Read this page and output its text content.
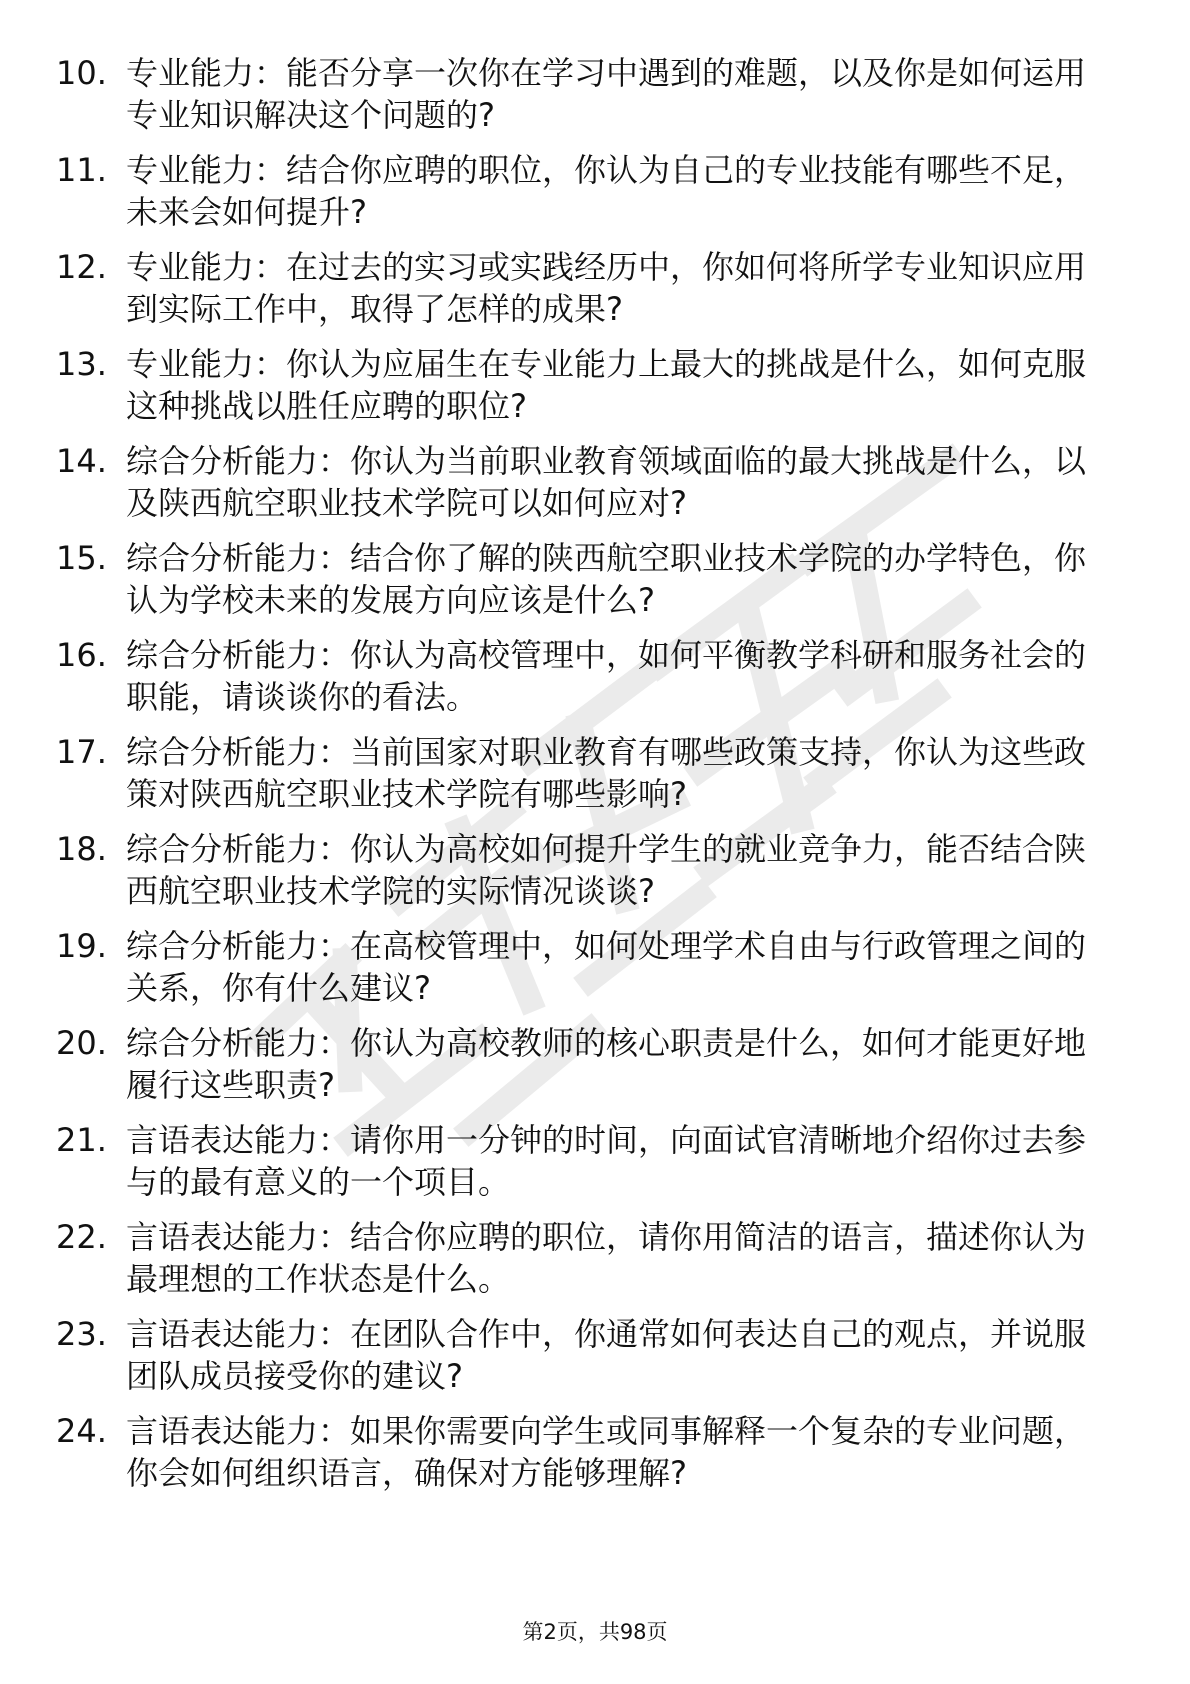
10. 专业能力：能否分享一次你在学习中遇到的难题，以及你是如何运用专业知识解决这个问题的?
11. 专业能力：结合你应聘的职位，你认为自己的专业技能有哪些不足，未来会如何提升?
12. 专业能力：在过去的实习或实践经历中，你如何将所学专业知识应用到实际工作中，取得了怎样的成果?
13. 专业能力：你认为应届生在专业能力上最大的挑战是什么，如何克服这种挑战以胜任应聘的职位?
14. 综合分析能力：你认为当前职业教育领域面临的最大挑战是什么，以及陕西航空职业技术学院可以如何应对?
15. 综合分析能力：结合你了解的陕西航空职业技术学院的办学特色，你认为学校未来的发展方向应该是什么?
16. 综合分析能力：你认为高校管理中，如何平衡教学科研和服务社会的职能，请谈谈你的看法。
17. 综合分析能力：当前国家对职业教育有哪些政策支持，你认为这些政策对陕西航空职业技术学院有哪些影响?
18. 综合分析能力：你认为高校如何提升学生的就业竞争力，能否结合陕西航空职业技术学院的实际情况谈谈?
19. 综合分析能力：在高校管理中，如何处理学术自由与行政管理之间的关系，你有什么建议?
20. 综合分析能力：你认为高校教师的核心职责是什么，如何才能更好地履行这些职责?
21. 言语表达能力：请你用一分钟的时间，向面试官清晰地介绍你过去参与的最有意义的一个项目。
22. 言语表达能力：结合你应聘的职位，请你用简洁的语言，描述你认为最理想的工作状态是什么。
23. 言语表达能力：在团队合作中，你通常如何表达自己的观点，并说服团队成员接受你的建议?
24. 言语表达能力：如果你需要向学生或同事解释一个复杂的专业问题，你会如何组织语言，确保对方能够理解?
第2页，共98页
